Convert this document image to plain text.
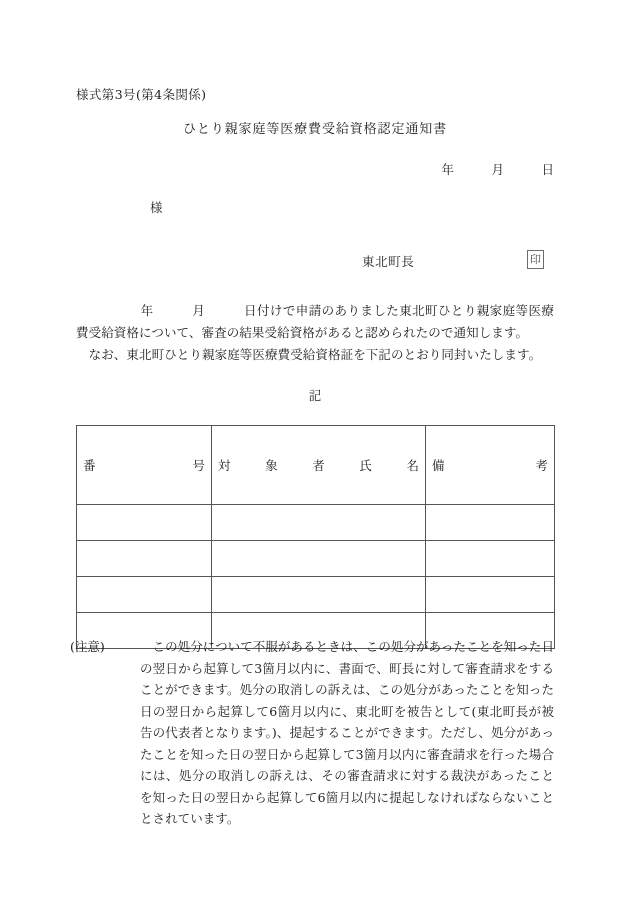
様式第3号(第4条関係)
ひとり親家庭等医療費受給資格認定通知書
年　　　月　　　日
様
東北町長	印

　　　　　年　　　月　　　日付けで申請のありました東北町ひとり親家庭等医療費受給資格について、審査の結果受給資格があると認められたので通知します。

　なお、東北町ひとり親家庭等医療費受給資格証を下記のとおり同封いたします。

記

番 号	対 象 者 氏 名	備 考

(注意)	　この処分について不服があるときは、この処分があったことを知った日の翌日から起算して3箇月以内に、書面で、町長に対して審査請求をすることができます。処分の取消しの訴えは、この処分があったことを知った日の翌日から起算して6箇月以内に、東北町を被告として(東北町長が被告の代表者となります。)、提起することができます。ただし、処分があったことを知った日の翌日から起算して3箇月以内に審査請求を行った場合には、処分の取消しの訴えは、その審査請求に対する裁決があったことを知った日の翌日から起算して6箇月以内に提起しなければならないこととされています。
